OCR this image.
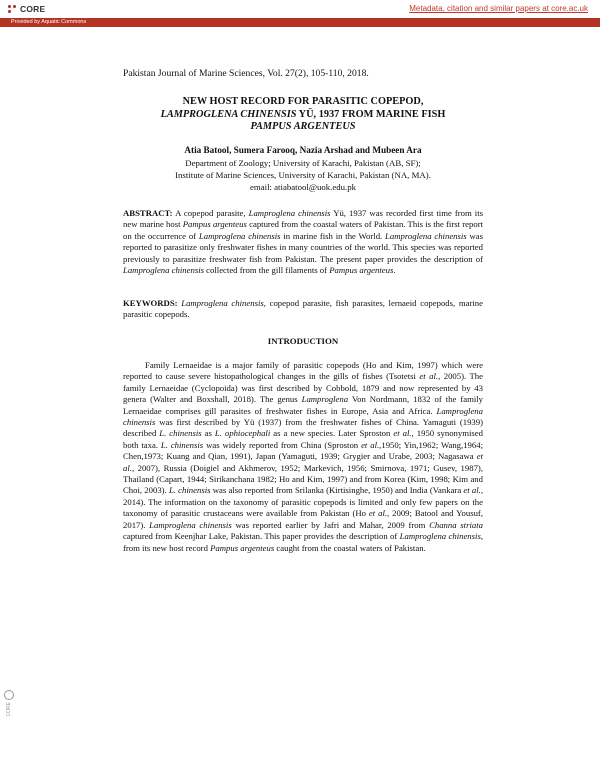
CORE	Metadata, citation and similar papers at core.ac.uk
Provided by Aquatic Commons
Pakistan Journal of Marine Sciences, Vol. 27(2), 105-110, 2018.
NEW HOST RECORD FOR PARASITIC COPEPOD,
LAMPROGLENA CHINENSIS YÜ, 1937 FROM MARINE FISH
PAMPUS ARGENTEUS
Atia Batool, Sumera Farooq, Nazia Arshad and Mubeen Ara
Department of Zoology; University of Karachi, Pakistan (AB, SF);
Institute of Marine Sciences, University of Karachi, Pakistan (NA, MA).
email: atiabatool@uok.edu.pk
ABSTRACT: A copepod parasite, Lamproglena chinensis Yü, 1937 was recorded first time from its new marine host Pampus argenteus captured from the coastal waters of Pakistan. This is the first report on the occurrence of Lamproglena chinensis in marine fish in the World. Lamproglena chinensis was reported to parasitize only freshwater fishes in many countries of the world. This species was reported previously to parasitize freshwater fish from Pakistan. The present paper provides the description of Lamproglena chinensis collected from the gill filaments of Pampus argenteus.
KEYWORDS: Lamproglena chinensis, copepod parasite, fish parasites, lernaeid copepods, marine parasitic copepods.
INTRODUCTION
Family Lernaeidae is a major family of parasitic copepods (Ho and Kim, 1997) which were reported to cause severe histopathological changes in the gills of fishes (Tsotetsi et al., 2005). The family Lernaeidae (Cyclopoida) was first described by Cobbold, 1879 and now represented by 43 genera (Walter and Boxshall, 2018). The genus Lamproglena Von Nordmann, 1832 of the family Lernaeidae comprises gill parasites of freshwater fishes in Europe, Asia and Africa. Lamproglena chinensis was first described by Yü (1937) from the freshwater fishes of China. Yamaguti (1939) described L. chinensis as L. ophiocephali as a new species. Later Sproston et al., 1950 synonymised both taxa. L. chinensis was widely reported from China (Sproston et al.,1950; Yin,1962; Wang,1964; Chen,1973; Kuang and Qian, 1991), Japan (Yamaguti, 1939; Grygier and Urabe, 2003; Nagasawa et al., 2007), Russia (Doigiel and Akhmerov, 1952; Markevich, 1956; Smirnova, 1971; Gusev, 1987), Thailand (Capart, 1944; Sirikanchana 1982; Ho and Kim, 1997) and from Korea (Kim, 1998; Kim and Choi, 2003). L. chinensis was also reported from Srilanka (Kirtisinghe, 1950) and India (Vankara et al., 2014). The information on the taxonomy of parasitic copepods is limited and only few papers on the taxonomy of parasitic crustaceans were available from Pakistan (Ho et al., 2009; Batool and Yousuf, 2017). Lamproglena chinensis was reported earlier by Jafri and Mahar, 2009 from Channa striata captured from Keenjhar Lake, Pakistan. This paper provides the description of Lamproglena chinensis, from its new host record Pampus argenteus caught from the coastal waters of Pakistan.
CORE
